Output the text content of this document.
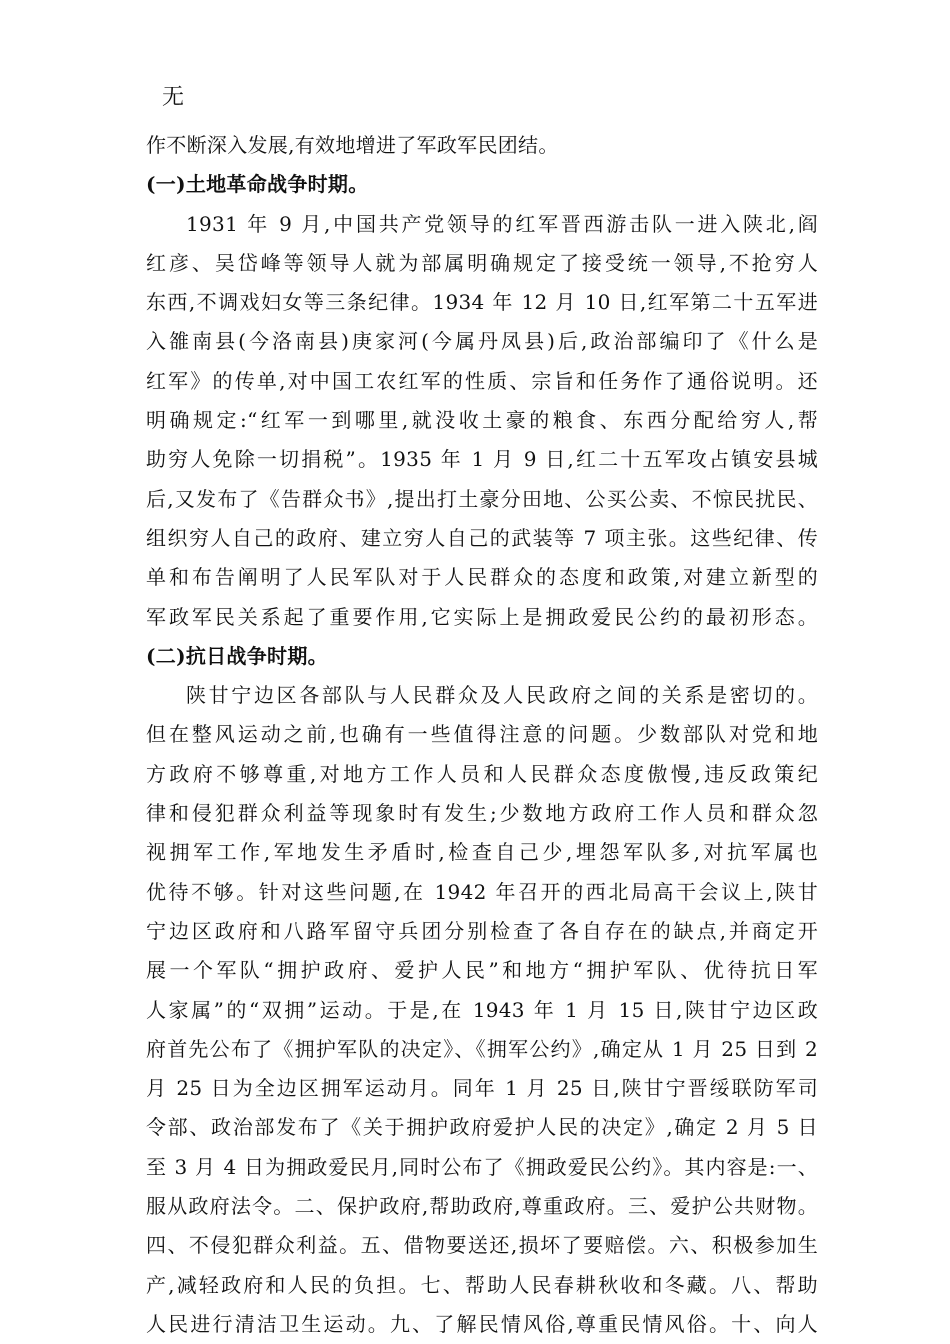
无

作不断深入发展,有效地增进了军政军民团结。
(一)土地革命战争时期。
1931 年 9 月,中国共产党领导的红军晋西游击队一进入陕北,阎
红彦、吴岱峰等领导人就为部属明确规定了接受统一领导,不抢穷人
东西,不调戏妇女等三条纪律。1934 年 12 月 10 日,红军第二十五军进
入雒南县(今洛南县)庚家河(今属丹凤县)后,政治部编印了《什么是
红军》的传单,对中国工农红军的性质、宗旨和任务作了通俗说明。还
明确规定:“红军一到哪里,就没收土豪的粮食、东西分配给穷人,帮
助穷人免除一切捐税”。1935 年 1 月 9 日,红二十五军攻占镇安县城
后,又发布了《告群众书》,提出打土豪分田地、公买公卖、不惊民扰民、
组织穷人自己的政府、建立穷人自己的武装等 7 项主张。这些纪律、传
单和布告阐明了人民军队对于人民群众的态度和政策,对建立新型的
军政军民关系起了重要作用,它实际上是拥政爱民公约的最初形态。
(二)抗日战争时期。
陕甘宁边区各部队与人民群众及人民政府之间的关系是密切的。
但在整风运动之前,也确有一些值得注意的问题。少数部队对党和地
方政府不够尊重,对地方工作人员和人民群众态度傲慢,违反政策纪
律和侵犯群众利益等现象时有发生;少数地方政府工作人员和群众忽
视拥军工作,军地发生矛盾时,检查自己少,埋怨军队多,对抗军属也
优待不够。针对这些问题,在 1942 年召开的西北局高干会议上,陕甘
宁边区政府和八路军留守兵团分别检查了各自存在的缺点,并商定开
展一个军队“拥护政府、爱护人民”和地方“拥护军队、优待抗日军
人家属”的“双拥”运动。于是,在 1943 年 1 月 15 日,陕甘宁边区政
府首先公布了《拥护军队的决定》、《拥军公约》,确定从 1 月 25 日到 2
月 25 日为全边区拥军运动月。同年 1 月 25 日,陕甘宁晋绥联防军司
令部、政治部发布了《关于拥护政府爱护人民的决定》,确定 2 月 5 日
至 3 月 4 日为拥政爱民月,同时公布了《拥政爱民公约》。其内容是:一、
服从政府法令。二、保护政府,帮助政府,尊重政府。三、爱护公共财物。
四、不侵犯群众利益。五、借物要送还,损坏了要赔偿。六、积极参加生
产,减轻政府和人民的负担。七、帮助人民春耕秋收和冬藏。八、帮助
人民进行清洁卫生运动。九、了解民情风俗,尊重民情风俗。十、向人
